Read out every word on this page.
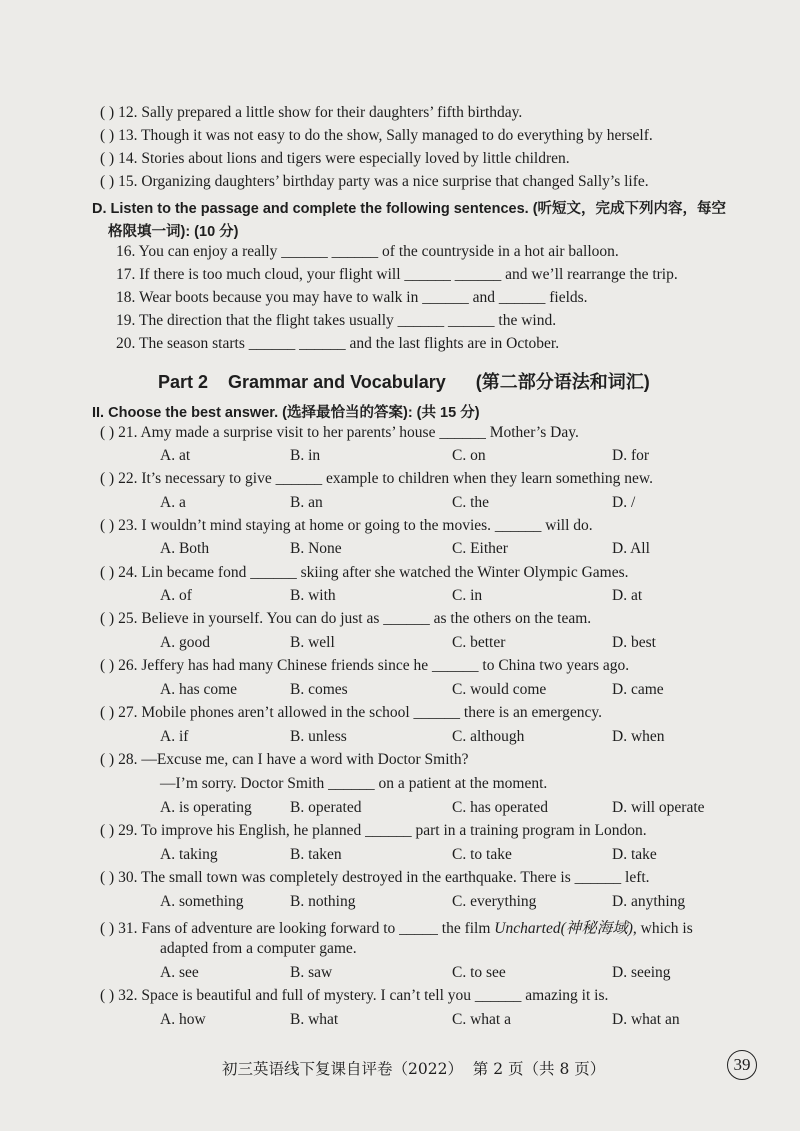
( ) 12. Sally prepared a little show for their daughters’ fifth birthday.
( ) 13. Though it was not easy to do the show, Sally managed to do everything by herself.
( ) 14. Stories about lions and tigers were especially loved by little children.
( ) 15. Organizing daughters’ birthday party was a nice surprise that changed Sally’s life.
D. Listen to the passage and complete the following sentences. (听短文，完成下列内容，每空
格限填一词): (10 分)
16. You can enjoy a really ______ ______ of the countryside in a hot air balloon.
17. If there is too much cloud, your flight will ______ ______ and we’ll rearrange the trip.
18. Wear boots because you may have to walk in ______ and ______ fields.
19. The direction that the flight takes usually ______ ______ the wind.
20. The season starts ______ ______ and the last flights are in October.
Part 2    Grammar and Vocabulary      (第二部分语法和词汇)
II. Choose the best answer. (选择最恰当的答案): (共 15 分)
( ) 21. Amy made a surprise visit to her parents’ house ______ Mother’s Day.
A. at	B. in	C. on	D. for
( ) 22. It’s necessary to give ______ example to children when they learn something new.
A. a	B. an	C. the	D. /
( ) 23. I wouldn’t mind staying at home or going to the movies. ______ will do.
A. Both	B. None	C. Either	D. All
( ) 24. Lin became fond ______ skiing after she watched the Winter Olympic Games.
A. of	B. with	C. in	D. at
( ) 25. Believe in yourself. You can do just as ______ as the others on the team.
A. good	B. well	C. better	D. best
( ) 26. Jeffery has had many Chinese friends since he ______ to China two years ago.
A. has come	B. comes	C. would come	D. came
( ) 27. Mobile phones aren’t allowed in the school ______ there is an emergency.
A. if	B. unless	C. although	D. when
( ) 28. —Excuse me, can I have a word with Doctor Smith?
—I’m sorry. Doctor Smith ______ on a patient at the moment.
A. is operating B. operated	C. has operated	D. will operate
( ) 29. To improve his English, he planned ______ part in a training program in London.
A. taking	B. taken	C. to take	D. take
( ) 30. The small town was completely destroyed in the earthquake. There is ______ left.
A. something	B. nothing	C. everything	D. anything
( ) 31. Fans of adventure are looking forward to _____ the film Uncharted(神秘海域), which is
adapted from a computer game.
A. see	B. saw	C. to see	D. seeing
( ) 32. Space is beautiful and full of mystery. I can’t tell you ______ amazing it is.
A. how	B. what	C. what a	D. what an
初三英语线下复课自评卷（2022）  第 2 页（共 8 页）	39
